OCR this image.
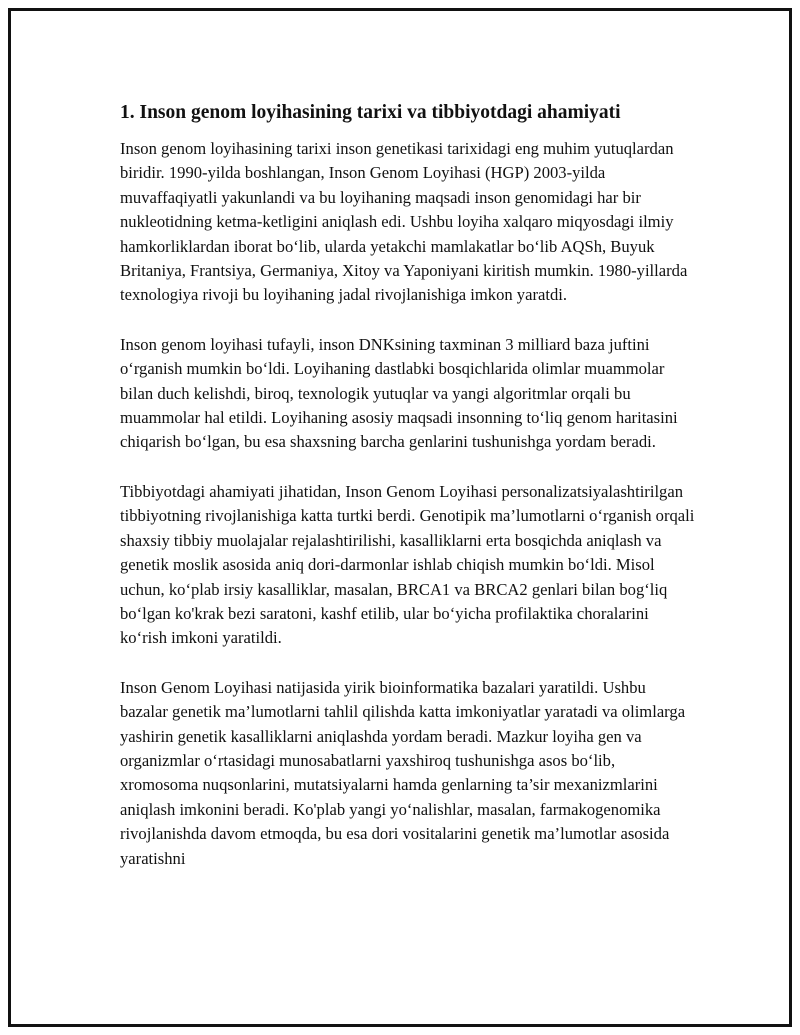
1. Inson genom loyihasining tarixi va tibbiyotdagi ahamiyati

Inson genom loyihasining tarixi inson genetikasi tarixidagi eng muhim yutuqlardan biridir. 1990-yilda boshlangan, Inson Genom Loyihasi (HGP) 2003-yilda muvaffaqiyatli yakunlandi va bu loyihaning maqsadi inson genomidagi har bir nukleotidning ketma-ketligini aniqlash edi. Ushbu loyiha xalqaro miqyosdagi ilmiy hamkorliklardan iborat bo‘lib, ularda yetakchi mamlakatlar bo‘lib AQSh, Buyuk Britaniya, Frantsiya, Germaniya, Xitoy va Yaponiyani kiritish mumkin. 1980-yillarda texnologiya rivoji bu loyihaning jadal rivojlanishiga imkon yaratdi.

Inson genom loyihasi tufayli, inson DNKsining taxminan 3 milliard baza juftini o‘rganish mumkin bo‘ldi. Loyihaning dastlabki bosqichlarida olimlar muammolar bilan duch kelishdi, biroq, texnologik yutuqlar va yangi algoritmlar orqali bu muammolar hal etildi. Loyihaning asosiy maqsadi insonning to‘liq genom haritasini chiqarish bo‘lgan, bu esa shaxsning barcha genlarini tushunishga yordam beradi.

Tibbiyotdagi ahamiyati jihatidan, Inson Genom Loyihasi personalizatsiyalashtirilgan tibbiyotning rivojlanishiga katta turtki berdi. Genotipik ma’lumotlarni o‘rganish orqali shaxsiy tibbiy muolajalar rejalashtirilishi, kasalliklarni erta bosqichda aniqlash va genetik moslik asosida aniq dori-darmonlar ishlab chiqish mumkin bo‘ldi. Misol uchun, ko‘plab irsiy kasalliklar, masalan, BRCA1 va BRCA2 genlari bilan bog‘liq bo‘lgan ko'krak bezi saratoni, kashf etilib, ular bo‘yicha profilaktika choralarini ko‘rish imkoni yaratildi.

Inson Genom Loyihasi natijasida yirik bioinformatika bazalari yaratildi. Ushbu bazalar genetik ma’lumotlarni tahlil qilishda katta imkoniyatlar yaratadi va olimlarga yashirin genetik kasalliklarni aniqlashda yordam beradi. Mazkur loyiha gen va organizmlar o‘rtasidagi munosabatlarni yaxshiroq tushunishga asos bo‘lib, xromosoma nuqsonlarini, mutatsiyalarni hamda genlarning ta’sir mexanizmlarini aniqlash imkonini beradi. Ko'plab yangi yo‘nalishlar, masalan, farmakogenomika rivojlanishda davom etmoqda, bu esa dori vositalarini genetik ma’lumotlar asosida yaratishni
